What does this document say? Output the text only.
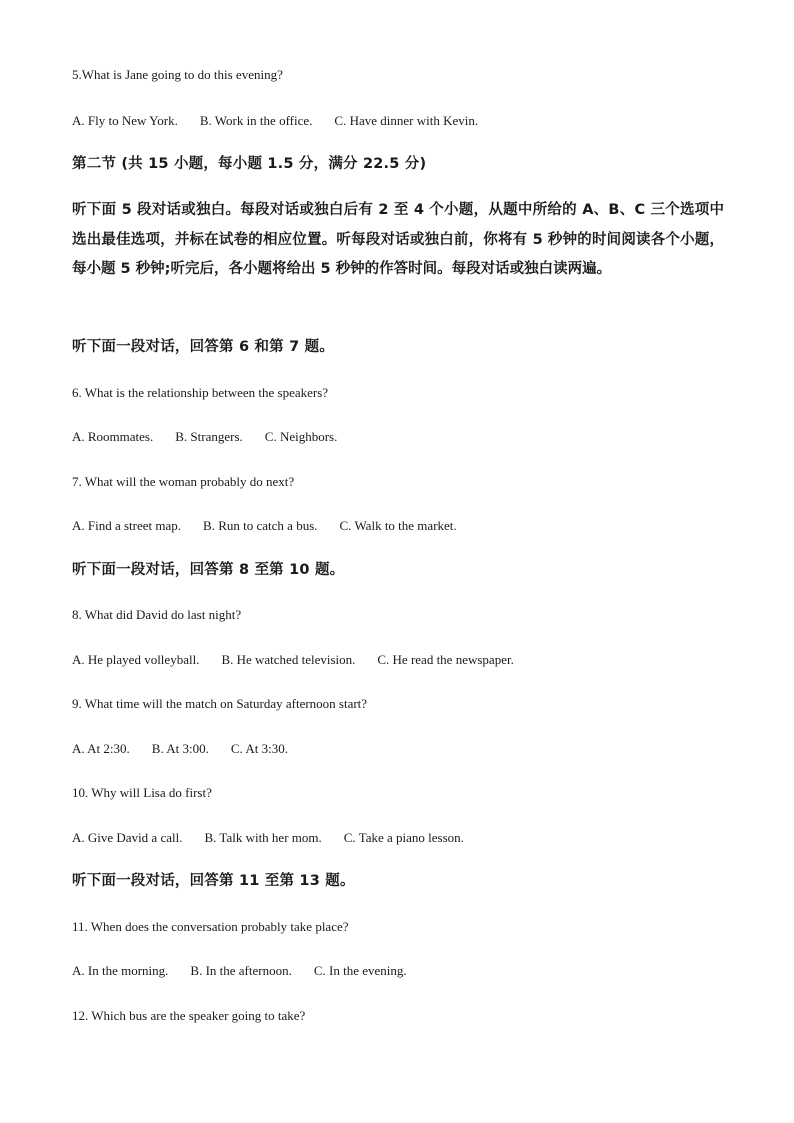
5.What is Jane going to do this evening?
A. Fly to New York. B. Work in the office. C. Have dinner with Kevin.
第二节 (共 15 小题，每小题 1.5 分，满分 22.5 分)

听下面 5 段对话或独白。每段对话或独白后有 2 至 4 个小题，从题中所给的 A、B、C 三个选项中选出最佳选项，并标在试卷的相应位置。听每段对话或独白前，你将有 5 秒钟的时间阅读各个小题，每小题 5 秒钟;听完后，各小题将给出 5 秒钟的作答时间。每段对话或独白读两遍。

听下面一段对话，回答第 6 和第 7 题。
6. What is the relationship between the speakers?
A. Roommates. B. Strangers. C. Neighbors.
7. What will the woman probably do next?
A. Find a street map. B. Run to catch a bus. C. Walk to the market.
听下面一段对话，回答第 8 至第 10 题。
8. What did David do last night?
A. He played volleyball. B. He watched television. C. He read the newspaper.
9. What time will the match on Saturday afternoon start?
A. At 2:30. B. At 3:00. C. At 3:30.
10. Why will Lisa do first?
A. Give David a call. B. Talk with her mom. C. Take a piano lesson.
听下面一段对话，回答第 11 至第 13 题。
11. When does the conversation probably take place?
A. In the morning. B. In the afternoon. C. In the evening.
12. Which bus are the speaker going to take?
